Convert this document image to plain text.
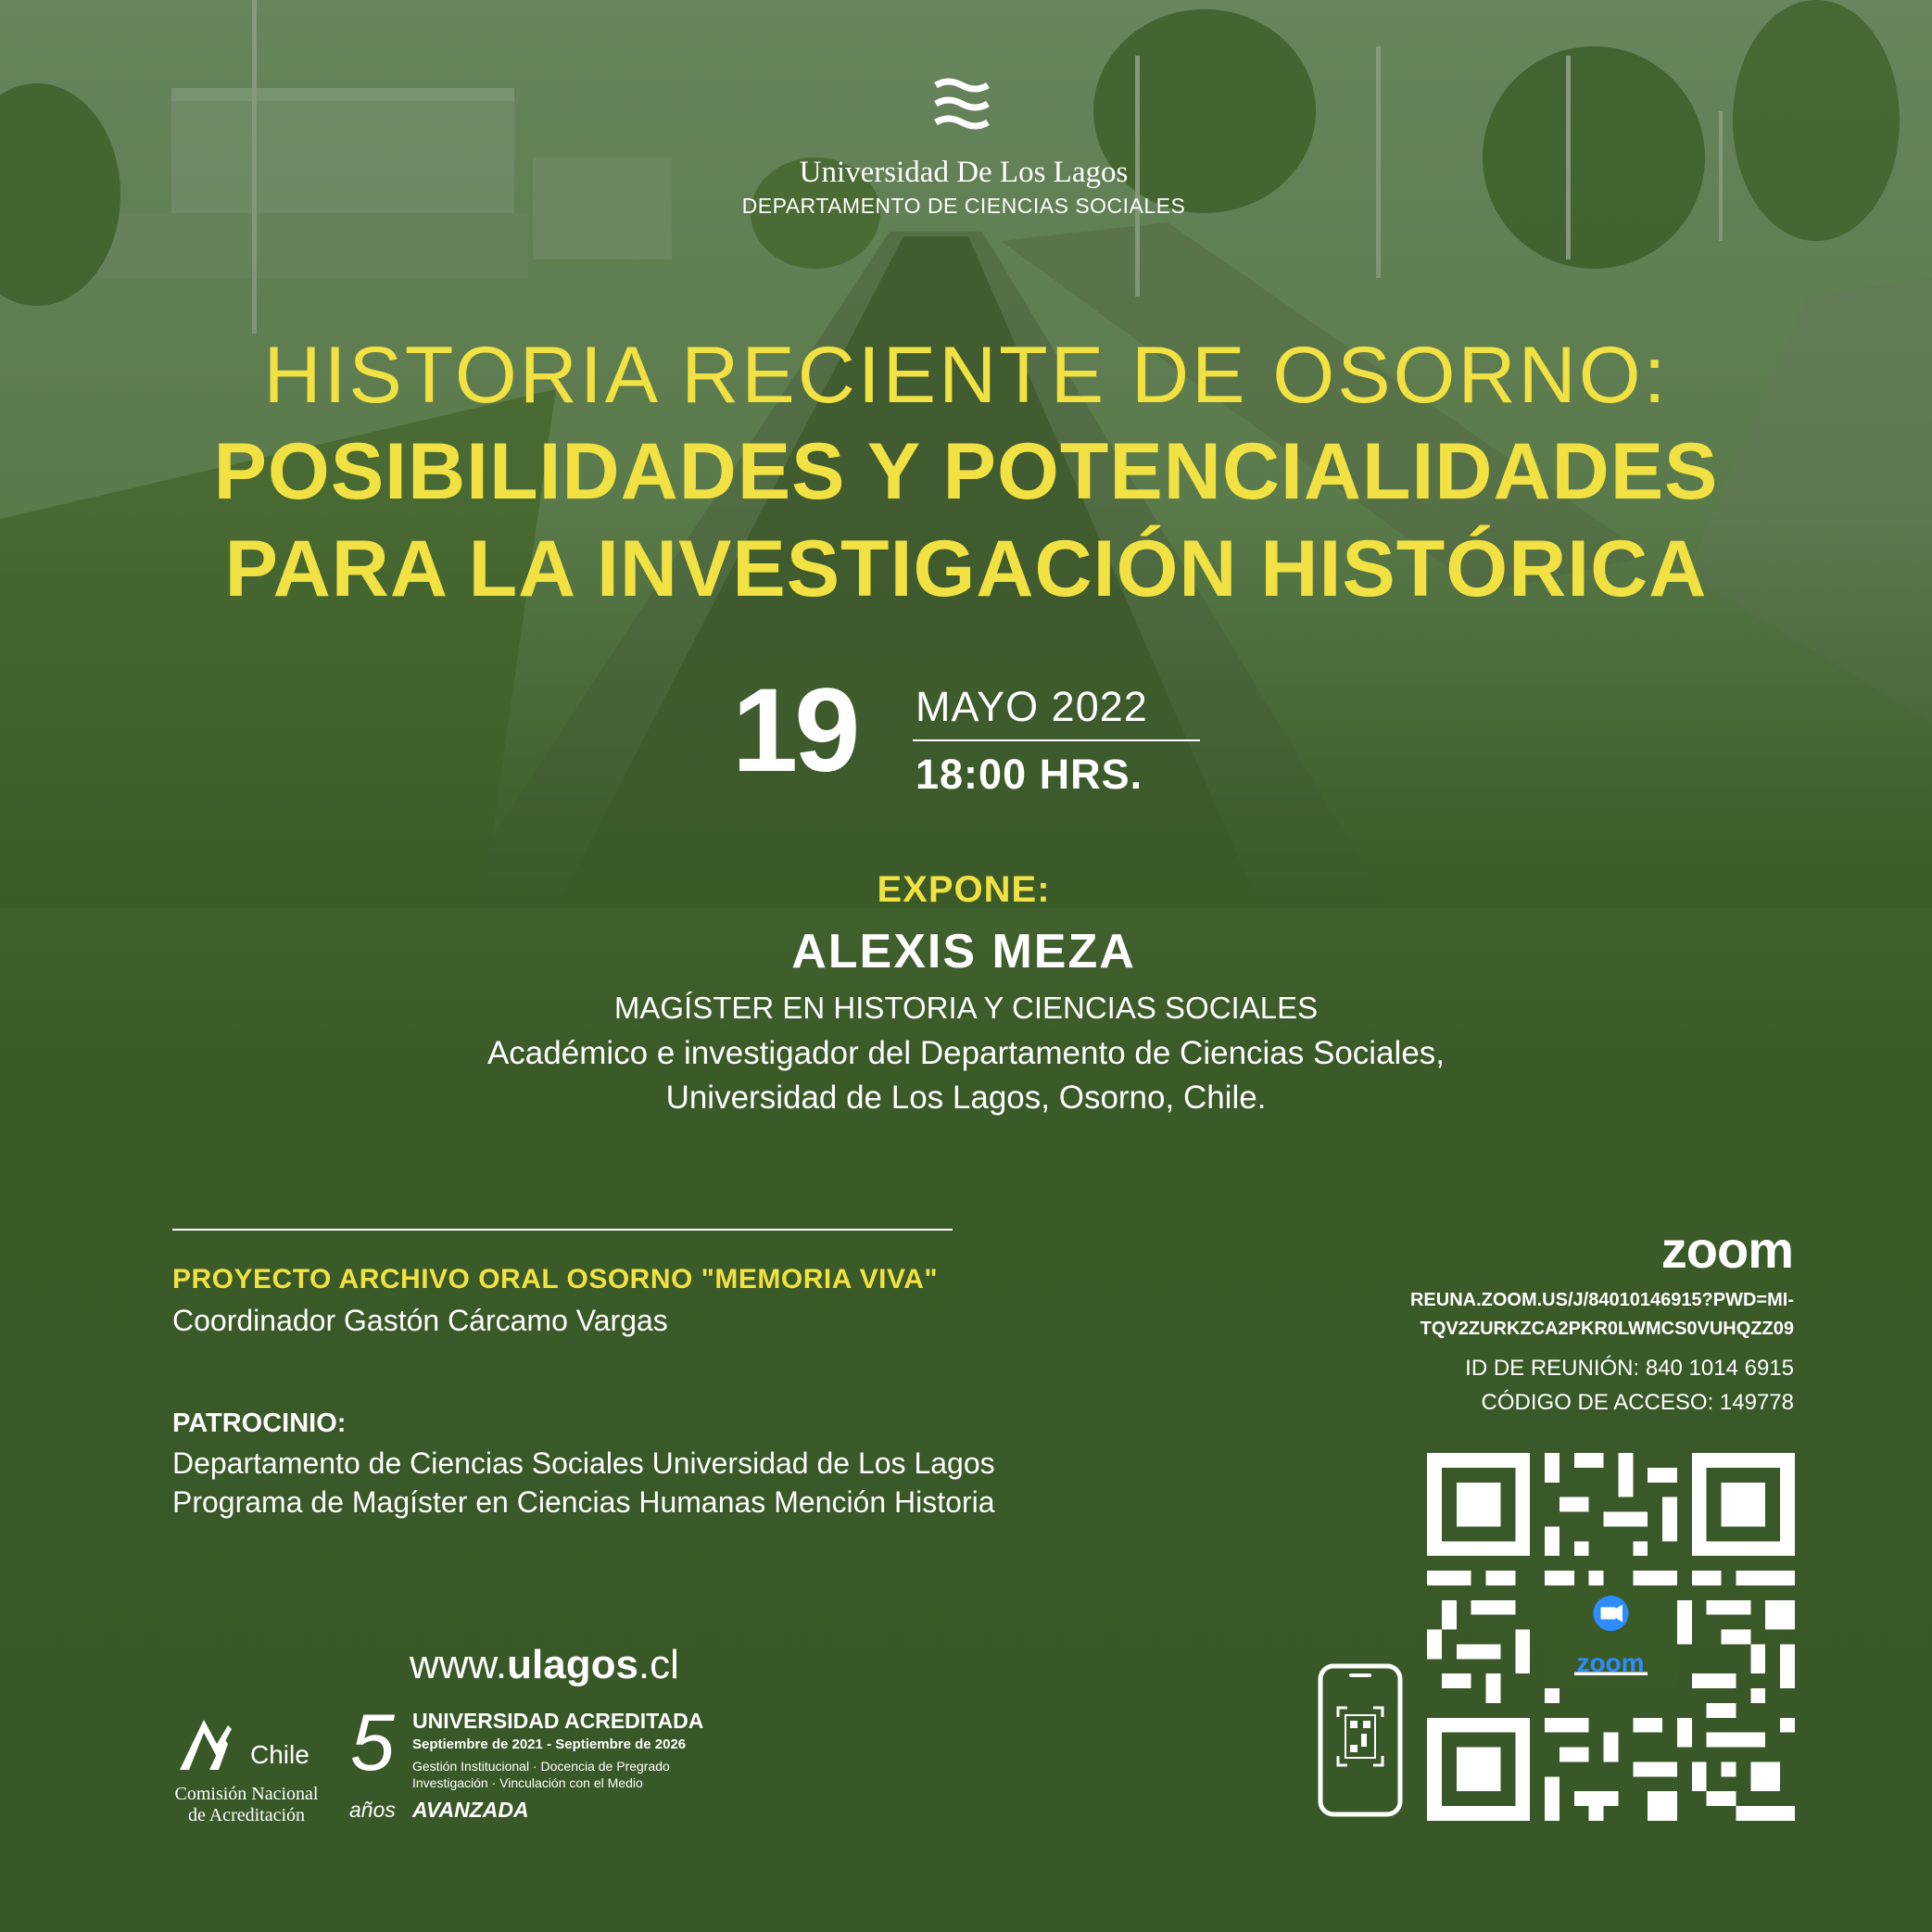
Universidad De Los Lagos
DEPARTAMENTO DE CIENCIAS SOCIALES
HISTORIA RECIENTE DE OSORNO:
POSIBILIDADES Y POTENCIALIDADES
PARA LA INVESTIGACIÓN HISTÓRICA
19	MAYO 2022
18:00 HRS.
EXPONE:
ALEXIS MEZA
MAGÍSTER EN HISTORIA Y CIENCIAS SOCIALES
Académico e investigador del Departamento de Ciencias Sociales,
Universidad de Los Lagos, Osorno, Chile.
PROYECTO ARCHIVO ORAL OSORNO "MEMORIA VIVA"
Coordinador Gastón Cárcamo Vargas
PATROCINIO:
Departamento de Ciencias Sociales Universidad de Los Lagos
Programa de Magíster en Ciencias Humanas Mención Historia
www.ulagos.cl
Chile
Comisión Nacional
de Acreditación
5
años
UNIVERSIDAD ACREDITADA
Septiembre de 2021 - Septiembre de 2026
Gestión Institucional · Docencia de Pregrado
Investigación · Vinculación con el Medio
AVANZADA
zoom
REUNA.ZOOM.US/J/84010146915?PWD=MI-
TQV2ZURKZCA2PKR0LWMCS0VUHQZZ09
ID DE REUNIÓN: 840 1014 6915
CÓDIGO DE ACCESO: 149778
zoom
